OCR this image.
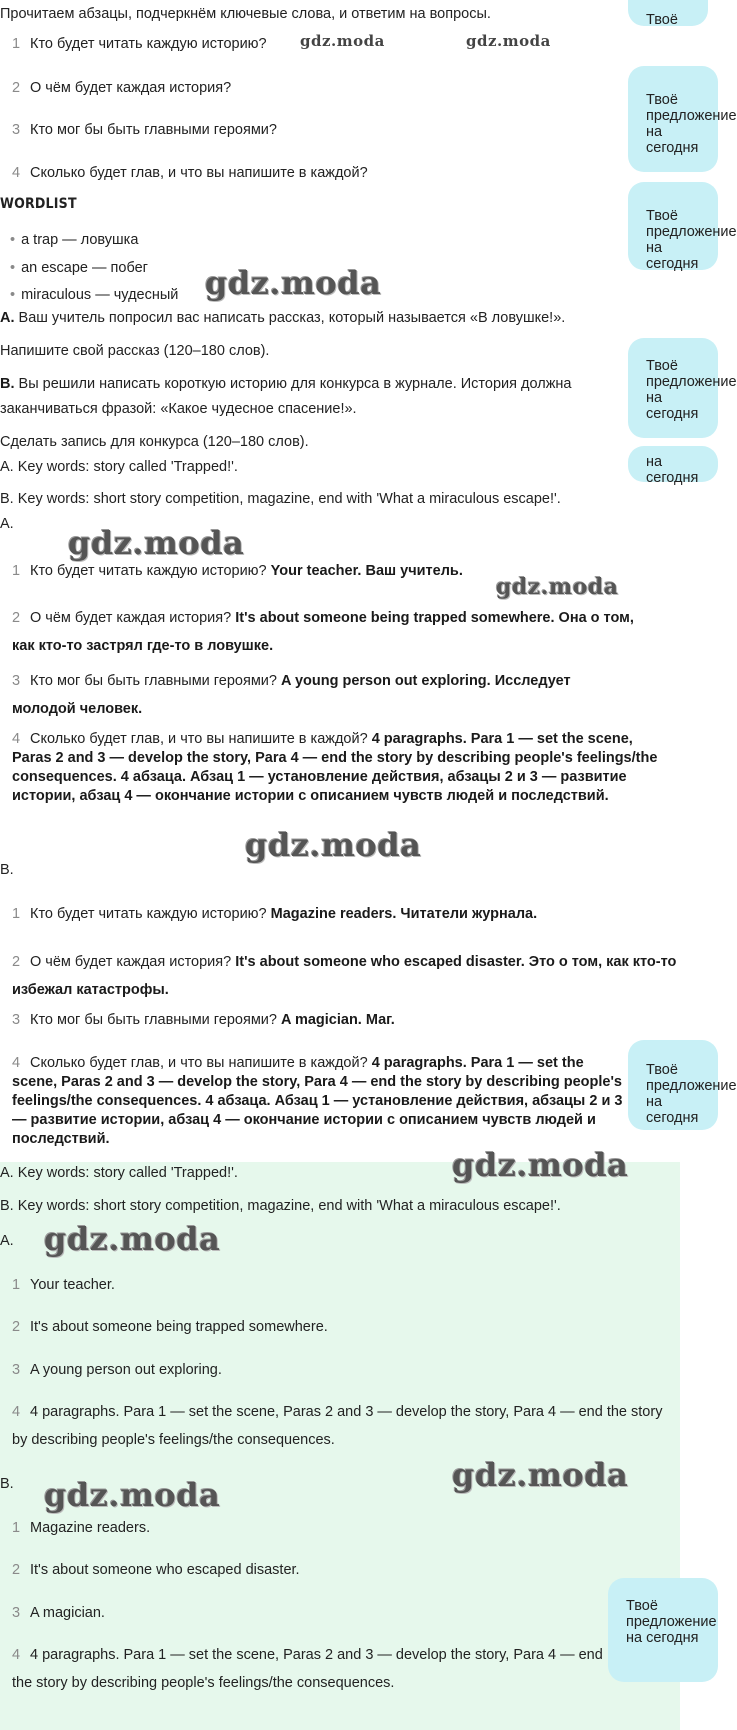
Прочитаем абзацы, подчеркнём ключевые слова, и ответим на вопросы.
1 Кто будет читать каждую историю?
2 О чём будет каждая история?
3 Кто мог бы быть главными героями?
4 Сколько будет глав, и что вы напишите в каждой?
WORDLIST
• a trap — ловушка
• an escape — побег
• miraculous — чудесный
A. Ваш учитель попросил вас написать рассказ, который называется «В ловушке!».
Напишите свой рассказ (120–180 слов).
B. Вы решили написать короткую историю для конкурса в журнале. История должна
заканчиваться фразой: «Какое чудесное спасение!».
Сделать запись для конкурса (120–180 слов).
A. Key words: story called 'Trapped!'.
B. Key words: short story competition, magazine, end with 'What a miraculous escape!'.
A.
1 Кто будет читать каждую историю? Your teacher. Ваш учитель.
2 О чём будет каждая история? It's about someone being trapped somewhere. Она о том, как кто-то застрял где-то в ловушке.
3 Кто мог бы быть главными героями? A young person out exploring. Исследует молодой человек.
4 Сколько будет глав, и что вы напишите в каждой? 4 paragraphs. Para 1 — set the scene, Paras 2 and 3 — develop the story, Para 4 — end the story by describing people's feelings/the consequences. 4 абзаца. Абзац 1 — установление действия, абзацы 2 и 3 — развитие истории, абзац 4 — окончание истории с описанием чувств людей и последствий.
B.
1 Кто будет читать каждую историю? Magazine readers. Читатели журнала.
2 О чём будет каждая история? It's about someone who escaped disaster. Это о том, как кто-то избежал катастрофы.
3 Кто мог бы быть главными героями? A magician. Маг.
4 Сколько будет глав, и что вы напишите в каждой? 4 paragraphs. Para 1 — set the scene, Paras 2 and 3 — develop the story, Para 4 — end the story by describing people's feelings/the consequences. 4 абзаца. Абзац 1 — установление действия, абзацы 2 и 3 — развитие истории, абзац 4 — окончание истории с описанием чувств людей и последствий.
A. Key words: story called 'Trapped!'.
B. Key words: short story competition, magazine, end with 'What a miraculous escape!'.
A.
1 Your teacher.
2 It's about someone being trapped somewhere.
3 A young person out exploring.
4 4 paragraphs. Para 1 — set the scene, Paras 2 and 3 — develop the story, Para 4 — end the story by describing people's feelings/the consequences.
B.
1 Magazine readers.
2 It's about someone who escaped disaster.
3 A magician.
4 4 paragraphs. Para 1 — set the scene, Paras 2 and 3 — develop the story, Para 4 — end the story by describing people's feelings/the consequences.
gdz.moda	gdz.moda
gdz.moda
gdz.moda
gdz.moda
gdz.moda
gdz.moda
gdz.moda
gdz.moda
gdz.moda
Твоё
Твоё
предложение
на сегодня
Твоё
предложение
на сегодня
Твоё
предложение
на сегодня
на сегодня
Твоё
предложение
на сегодня
Твоё
предложение
на сегодня
